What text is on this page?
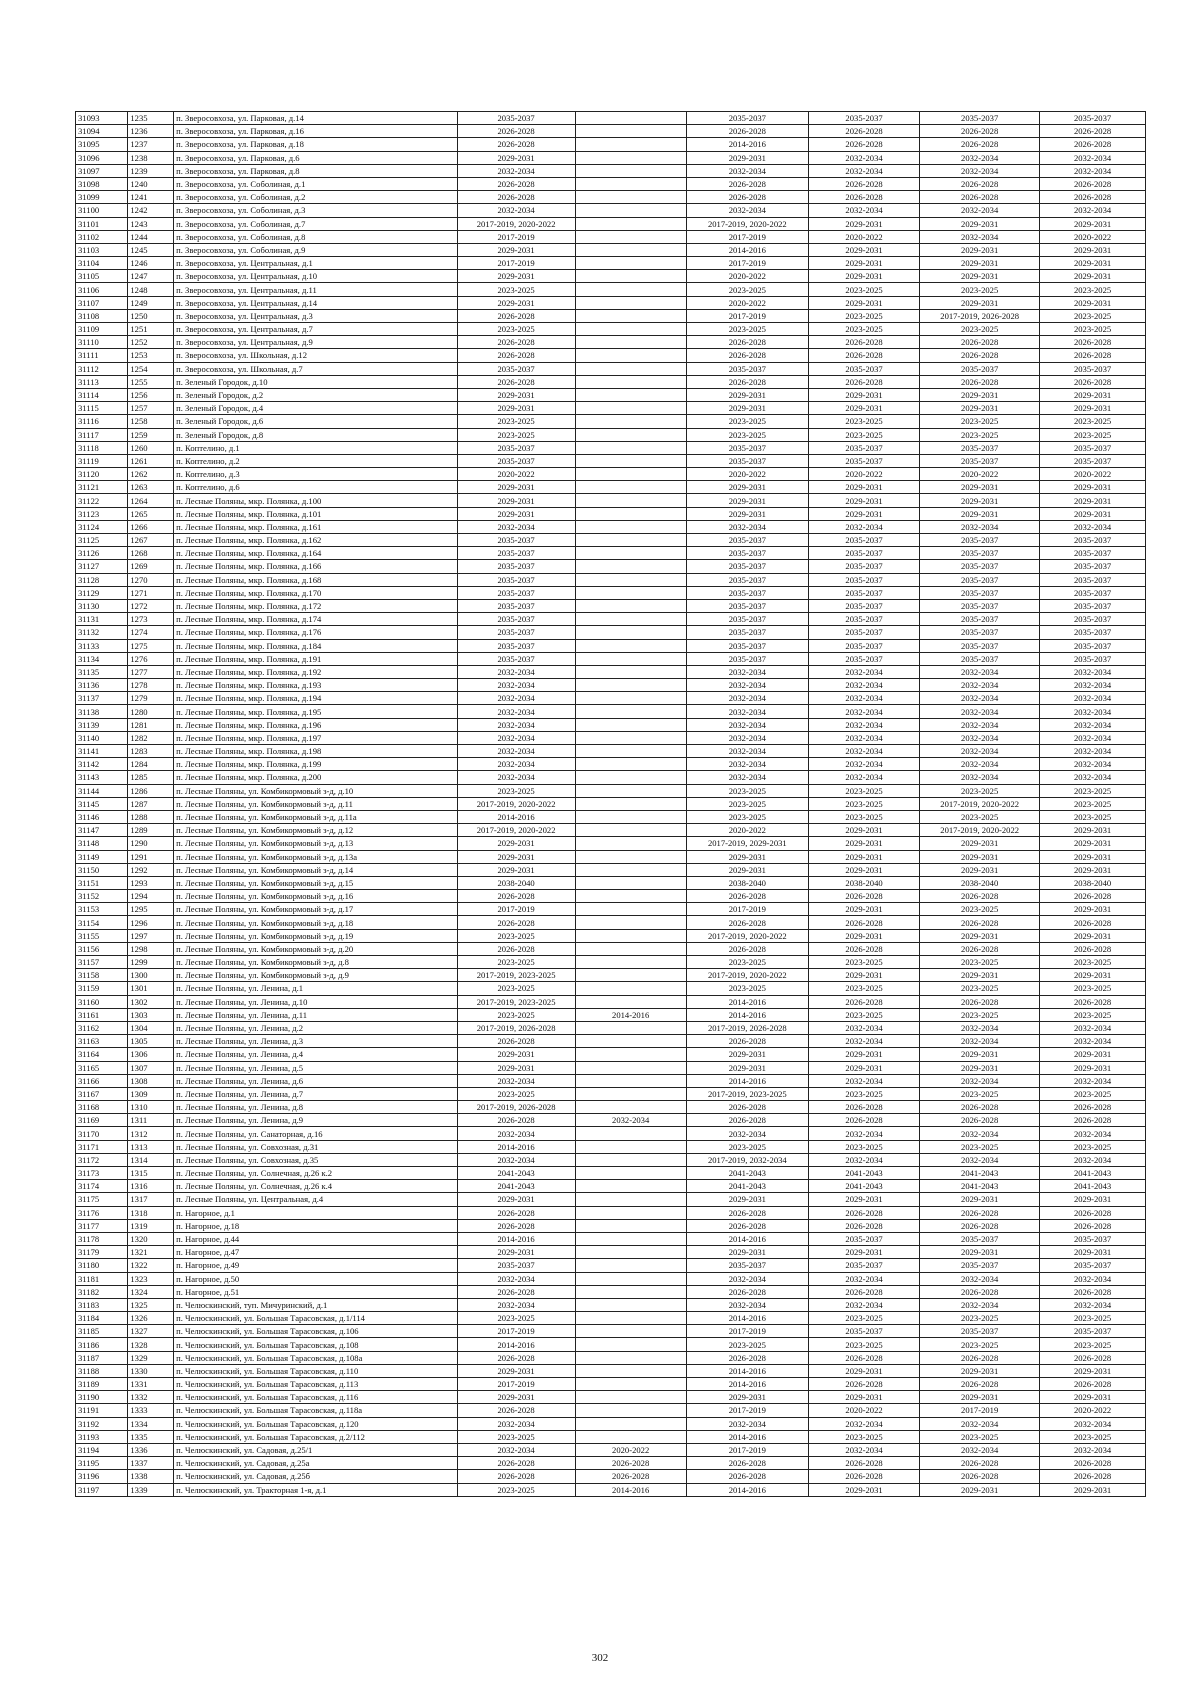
31093	1235	п. Зверосовхоза, ул. Парковая, д.14	2035-2037		2035-2037	2035-2037	2035-2037	2035-2037
31094	1236	п. Зверосовхоза, ул. Парковая, д.16	2026-2028		2026-2028	2026-2028	2026-2028	2026-2028
31095	1237	п. Зверосовхоза, ул. Парковая, д.18	2026-2028		2014-2016	2026-2028	2026-2028	2026-2028
31096	1238	п. Зверосовхоза, ул. Парковая, д.6	2029-2031		2029-2031	2032-2034	2032-2034	2032-2034
31097	1239	п. Зверосовхоза, ул. Парковая, д.8	2032-2034		2032-2034	2032-2034	2032-2034	2032-2034
31098	1240	п. Зверосовхоза, ул. Соболиная, д.1	2026-2028		2026-2028	2026-2028	2026-2028	2026-2028
31099	1241	п. Зверосовхоза, ул. Соболиная, д.2	2026-2028		2026-2028	2026-2028	2026-2028	2026-2028
31100	1242	п. Зверосовхоза, ул. Соболиная, д.3	2032-2034		2032-2034	2032-2034	2032-2034	2032-2034
31101	1243	п. Зверосовхоза, ул. Соболиная, д.7	2017-2019, 2020-2022		2017-2019, 2020-2022	2029-2031	2029-2031	2029-2031
31102	1244	п. Зверосовхоза, ул. Соболиная, д.8	2017-2019		2017-2019	2020-2022	2032-2034	2020-2022
31103	1245	п. Зверосовхоза, ул. Соболиная, д.9	2029-2031		2014-2016	2029-2031	2029-2031	2029-2031
31104	1246	п. Зверосовхоза, ул. Центральная, д.1	2017-2019		2017-2019	2029-2031	2029-2031	2029-2031
31105	1247	п. Зверосовхоза, ул. Центральная, д.10	2029-2031		2020-2022	2029-2031	2029-2031	2029-2031
31106	1248	п. Зверосовхоза, ул. Центральная, д.11	2023-2025		2023-2025	2023-2025	2023-2025	2023-2025
31107	1249	п. Зверосовхоза, ул. Центральная, д.14	2029-2031		2020-2022	2029-2031	2029-2031	2029-2031
31108	1250	п. Зверосовхоза, ул. Центральная, д.3	2026-2028		2017-2019	2023-2025	2017-2019, 2026-2028	2023-2025
31109	1251	п. Зверосовхоза, ул. Центральная, д.7	2023-2025		2023-2025	2023-2025	2023-2025	2023-2025
31110	1252	п. Зверосовхоза, ул. Центральная, д.9	2026-2028		2026-2028	2026-2028	2026-2028	2026-2028
31111	1253	п. Зверосовхоза, ул. Школьная, д.12	2026-2028		2026-2028	2026-2028	2026-2028	2026-2028
31112	1254	п. Зверосовхоза, ул. Школьная, д.7	2035-2037		2035-2037	2035-2037	2035-2037	2035-2037
31113	1255	п. Зеленый Городок, д.10	2026-2028		2026-2028	2026-2028	2026-2028	2026-2028
31114	1256	п. Зеленый Городок, д.2	2029-2031		2029-2031	2029-2031	2029-2031	2029-2031
31115	1257	п. Зеленый Городок, д.4	2029-2031		2029-2031	2029-2031	2029-2031	2029-2031
31116	1258	п. Зеленый Городок, д.6	2023-2025		2023-2025	2023-2025	2023-2025	2023-2025
31117	1259	п. Зеленый Городок, д.8	2023-2025		2023-2025	2023-2025	2023-2025	2023-2025
31118	1260	п. Коптелино, д.1	2035-2037		2035-2037	2035-2037	2035-2037	2035-2037
31119	1261	п. Коптелино, д.2	2035-2037		2035-2037	2035-2037	2035-2037	2035-2037
31120	1262	п. Коптелино, д.3	2020-2022		2020-2022	2020-2022	2020-2022	2020-2022
31121	1263	п. Коптелино, д.6	2029-2031		2029-2031	2029-2031	2029-2031	2029-2031
31122	1264	п. Лесные Поляны, мкр. Полянка, д.100	2029-2031		2029-2031	2029-2031	2029-2031	2029-2031
31123	1265	п. Лесные Поляны, мкр. Полянка, д.101	2029-2031		2029-2031	2029-2031	2029-2031	2029-2031
31124	1266	п. Лесные Поляны, мкр. Полянка, д.161	2032-2034		2032-2034	2032-2034	2032-2034	2032-2034
31125	1267	п. Лесные Поляны, мкр. Полянка, д.162	2035-2037		2035-2037	2035-2037	2035-2037	2035-2037
31126	1268	п. Лесные Поляны, мкр. Полянка, д.164	2035-2037		2035-2037	2035-2037	2035-2037	2035-2037
31127	1269	п. Лесные Поляны, мкр. Полянка, д.166	2035-2037		2035-2037	2035-2037	2035-2037	2035-2037
31128	1270	п. Лесные Поляны, мкр. Полянка, д.168	2035-2037		2035-2037	2035-2037	2035-2037	2035-2037
31129	1271	п. Лесные Поляны, мкр. Полянка, д.170	2035-2037		2035-2037	2035-2037	2035-2037	2035-2037
31130	1272	п. Лесные Поляны, мкр. Полянка, д.172	2035-2037		2035-2037	2035-2037	2035-2037	2035-2037
31131	1273	п. Лесные Поляны, мкр. Полянка, д.174	2035-2037		2035-2037	2035-2037	2035-2037	2035-2037
31132	1274	п. Лесные Поляны, мкр. Полянка, д.176	2035-2037		2035-2037	2035-2037	2035-2037	2035-2037
31133	1275	п. Лесные Поляны, мкр. Полянка, д.184	2035-2037		2035-2037	2035-2037	2035-2037	2035-2037
31134	1276	п. Лесные Поляны, мкр. Полянка, д.191	2035-2037		2035-2037	2035-2037	2035-2037	2035-2037
31135	1277	п. Лесные Поляны, мкр. Полянка, д.192	2032-2034		2032-2034	2032-2034	2032-2034	2032-2034
31136	1278	п. Лесные Поляны, мкр. Полянка, д.193	2032-2034		2032-2034	2032-2034	2032-2034	2032-2034
31137	1279	п. Лесные Поляны, мкр. Полянка, д.194	2032-2034		2032-2034	2032-2034	2032-2034	2032-2034
31138	1280	п. Лесные Поляны, мкр. Полянка, д.195	2032-2034		2032-2034	2032-2034	2032-2034	2032-2034
31139	1281	п. Лесные Поляны, мкр. Полянка, д.196	2032-2034		2032-2034	2032-2034	2032-2034	2032-2034
31140	1282	п. Лесные Поляны, мкр. Полянка, д.197	2032-2034		2032-2034	2032-2034	2032-2034	2032-2034
31141	1283	п. Лесные Поляны, мкр. Полянка, д.198	2032-2034		2032-2034	2032-2034	2032-2034	2032-2034
31142	1284	п. Лесные Поляны, мкр. Полянка, д.199	2032-2034		2032-2034	2032-2034	2032-2034	2032-2034
31143	1285	п. Лесные Поляны, мкр. Полянка, д.200	2032-2034		2032-2034	2032-2034	2032-2034	2032-2034
31144	1286	п. Лесные Поляны, ул. Комбикормовый з-д, д.10	2023-2025		2023-2025	2023-2025	2023-2025	2023-2025
31145	1287	п. Лесные Поляны, ул. Комбикормовый з-д, д.11	2017-2019, 2020-2022		2023-2025	2023-2025	2017-2019, 2020-2022	2023-2025
31146	1288	п. Лесные Поляны, ул. Комбикормовый з-д, д.11а	2014-2016		2023-2025	2023-2025	2023-2025	2023-2025
31147	1289	п. Лесные Поляны, ул. Комбикормовый з-д, д.12	2017-2019, 2020-2022		2020-2022	2029-2031	2017-2019, 2020-2022	2029-2031
31148	1290	п. Лесные Поляны, ул. Комбикормовый з-д, д.13	2029-2031		2017-2019, 2029-2031	2029-2031	2029-2031	2029-2031
31149	1291	п. Лесные Поляны, ул. Комбикормовый з-д, д.13а	2029-2031		2029-2031	2029-2031	2029-2031	2029-2031
31150	1292	п. Лесные Поляны, ул. Комбикормовый з-д, д.14	2029-2031		2029-2031	2029-2031	2029-2031	2029-2031
31151	1293	п. Лесные Поляны, ул. Комбикормовый з-д, д.15	2038-2040		2038-2040	2038-2040	2038-2040	2038-2040
31152	1294	п. Лесные Поляны, ул. Комбикормовый з-д, д.16	2026-2028		2026-2028	2026-2028	2026-2028	2026-2028
31153	1295	п. Лесные Поляны, ул. Комбикормовый з-д, д.17	2017-2019		2017-2019	2029-2031	2023-2025	2029-2031
31154	1296	п. Лесные Поляны, ул. Комбикормовый з-д, д.18	2026-2028		2026-2028	2026-2028	2026-2028	2026-2028
31155	1297	п. Лесные Поляны, ул. Комбикормовый з-д, д.19	2023-2025		2017-2019, 2020-2022	2029-2031	2029-2031	2029-2031
31156	1298	п. Лесные Поляны, ул. Комбикормовый з-д, д.20	2026-2028		2026-2028	2026-2028	2026-2028	2026-2028
31157	1299	п. Лесные Поляны, ул. Комбикормовый з-д, д.8	2023-2025		2023-2025	2023-2025	2023-2025	2023-2025
31158	1300	п. Лесные Поляны, ул. Комбикормовый з-д, д.9	2017-2019, 2023-2025		2017-2019, 2020-2022	2029-2031	2029-2031	2029-2031
31159	1301	п. Лесные Поляны, ул. Ленина, д.1	2023-2025		2023-2025	2023-2025	2023-2025	2023-2025
31160	1302	п. Лесные Поляны, ул. Ленина, д.10	2017-2019, 2023-2025		2014-2016	2026-2028	2026-2028	2026-2028
31161	1303	п. Лесные Поляны, ул. Ленина, д.11	2023-2025	2014-2016	2014-2016	2023-2025	2023-2025	2023-2025
31162	1304	п. Лесные Поляны, ул. Ленина, д.2	2017-2019, 2026-2028		2017-2019, 2026-2028	2032-2034	2032-2034	2032-2034
31163	1305	п. Лесные Поляны, ул. Ленина, д.3	2026-2028		2026-2028	2032-2034	2032-2034	2032-2034
31164	1306	п. Лесные Поляны, ул. Ленина, д.4	2029-2031		2029-2031	2029-2031	2029-2031	2029-2031
31165	1307	п. Лесные Поляны, ул. Ленина, д.5	2029-2031		2029-2031	2029-2031	2029-2031	2029-2031
31166	1308	п. Лесные Поляны, ул. Ленина, д.6	2032-2034		2014-2016	2032-2034	2032-2034	2032-2034
31167	1309	п. Лесные Поляны, ул. Ленина, д.7	2023-2025		2017-2019, 2023-2025	2023-2025	2023-2025	2023-2025
31168	1310	п. Лесные Поляны, ул. Ленина, д.8	2017-2019, 2026-2028		2026-2028	2026-2028	2026-2028	2026-2028
31169	1311	п. Лесные Поляны, ул. Ленина, д.9	2026-2028	2032-2034	2026-2028	2026-2028	2026-2028	2026-2028
31170	1312	п. Лесные Поляны, ул. Санаторная, д.16	2032-2034		2032-2034	2032-2034	2032-2034	2032-2034
31171	1313	п. Лесные Поляны, ул. Совхозная, д.31	2014-2016		2023-2025	2023-2025	2023-2025	2023-2025
31172	1314	п. Лесные Поляны, ул. Совхозная, д.35	2032-2034		2017-2019, 2032-2034	2032-2034	2032-2034	2032-2034
31173	1315	п. Лесные Поляны, ул. Солнечная, д.26 к.2	2041-2043		2041-2043	2041-2043	2041-2043	2041-2043
31174	1316	п. Лесные Поляны, ул. Солнечная, д.26 к.4	2041-2043		2041-2043	2041-2043	2041-2043	2041-2043
31175	1317	п. Лесные Поляны, ул. Центральная, д.4	2029-2031		2029-2031	2029-2031	2029-2031	2029-2031
31176	1318	п. Нагорное, д.1	2026-2028		2026-2028	2026-2028	2026-2028	2026-2028
31177	1319	п. Нагорное, д.18	2026-2028		2026-2028	2026-2028	2026-2028	2026-2028
31178	1320	п. Нагорное, д.44	2014-2016		2014-2016	2035-2037	2035-2037	2035-2037
31179	1321	п. Нагорное, д.47	2029-2031		2029-2031	2029-2031	2029-2031	2029-2031
31180	1322	п. Нагорное, д.49	2035-2037		2035-2037	2035-2037	2035-2037	2035-2037
31181	1323	п. Нагорное, д.50	2032-2034		2032-2034	2032-2034	2032-2034	2032-2034
31182	1324	п. Нагорное, д.51	2026-2028		2026-2028	2026-2028	2026-2028	2026-2028
31183	1325	п. Челюскинский, туп. Мичуринский, д.1	2032-2034		2032-2034	2032-2034	2032-2034	2032-2034
31184	1326	п. Челюскинский, ул. Большая Тарасовская, д.1/114	2023-2025		2014-2016	2023-2025	2023-2025	2023-2025
31185	1327	п. Челюскинский, ул. Большая Тарасовская, д.106	2017-2019		2017-2019	2035-2037	2035-2037	2035-2037
31186	1328	п. Челюскинский, ул. Большая Тарасовская, д.108	2014-2016		2023-2025	2023-2025	2023-2025	2023-2025
31187	1329	п. Челюскинский, ул. Большая Тарасовская, д.108а	2026-2028		2026-2028	2026-2028	2026-2028	2026-2028
31188	1330	п. Челюскинский, ул. Большая Тарасовская, д.110	2029-2031		2014-2016	2029-2031	2029-2031	2029-2031
31189	1331	п. Челюскинский, ул. Большая Тарасовская, д.113	2017-2019		2014-2016	2026-2028	2026-2028	2026-2028
31190	1332	п. Челюскинский, ул. Большая Тарасовская, д.116	2029-2031		2029-2031	2029-2031	2029-2031	2029-2031
31191	1333	п. Челюскинский, ул. Большая Тарасовская, д.118а	2026-2028		2017-2019	2020-2022	2017-2019	2020-2022
31192	1334	п. Челюскинский, ул. Большая Тарасовская, д.120	2032-2034		2032-2034	2032-2034	2032-2034	2032-2034
31193	1335	п. Челюскинский, ул. Большая Тарасовская, д.2/112	2023-2025		2014-2016	2023-2025	2023-2025	2023-2025
31194	1336	п. Челюскинский, ул. Садовая, д.25/1	2032-2034	2020-2022	2017-2019	2032-2034	2032-2034	2032-2034
31195	1337	п. Челюскинский, ул. Садовая, д.25а	2026-2028	2026-2028	2026-2028	2026-2028	2026-2028	2026-2028
31196	1338	п. Челюскинский, ул. Садовая, д.25б	2026-2028	2026-2028	2026-2028	2026-2028	2026-2028	2026-2028
31197	1339	п. Челюскинский, ул. Тракторная 1-я, д.1	2023-2025	2014-2016	2014-2016	2029-2031	2029-2031	2029-2031
302
